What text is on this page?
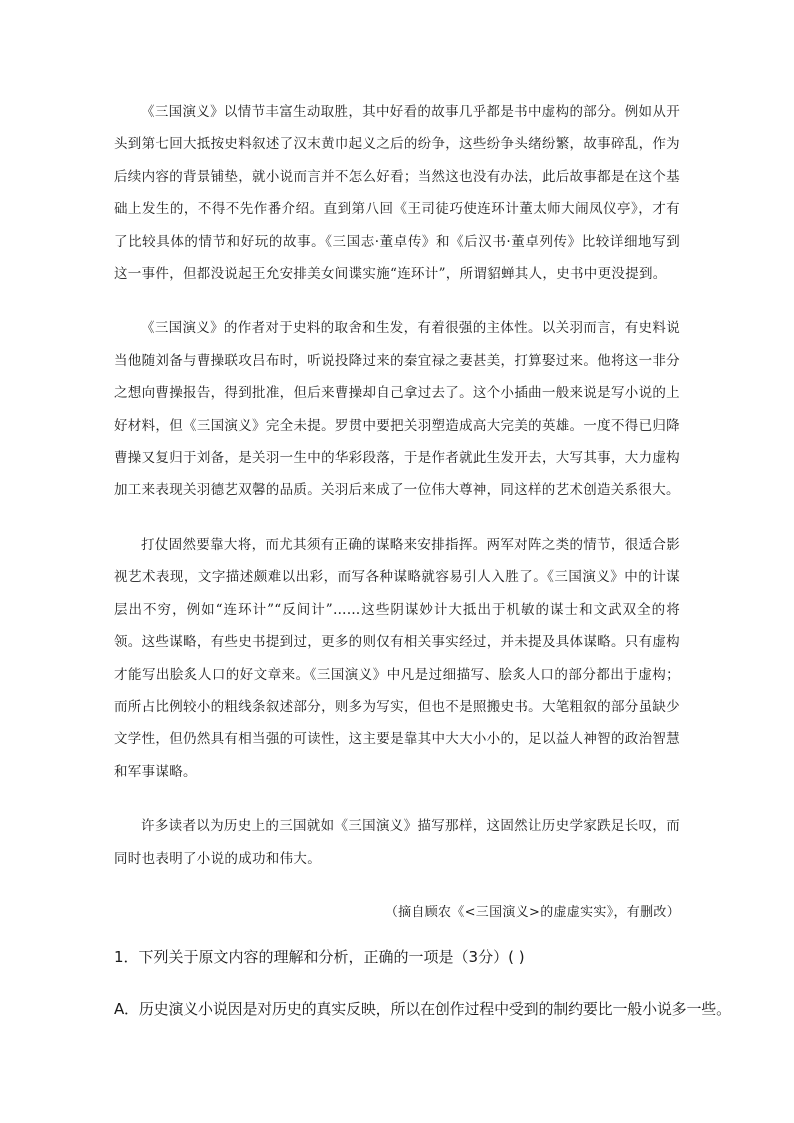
《三国演义》以情节丰富生动取胜，其中好看的故事几乎都是书中虚构的部分。例如从开头到第七回大抵按史料叙述了汉末黄巾起义之后的纷争，这些纷争头绪纷繁，故事碎乱，作为后续内容的背景铺垫，就小说而言并不怎么好看；当然这也没有办法，此后故事都是在这个基础上发生的，不得不先作番介绍。直到第八回《王司徒巧使连环计董太师大闹凤仪亭》，才有了比较具体的情节和好玩的故事。《三国志·董卓传》和《后汉书·董卓列传》比较详细地写到这一事件，但都没说起王允安排美女间谍实施“连环计”，所谓貂蝉其人，史书中更没提到。

《三国演义》的作者对于史料的取舍和生发，有着很强的主体性。以关羽而言，有史料说当他随刘备与曹操联攻吕布时，听说投降过来的秦宜禄之妻甚美，打算娶过来。他将这一非分之想向曹操报告，得到批准，但后来曹操却自己拿过去了。这个小插曲一般来说是写小说的上好材料，但《三国演义》完全未提。罗贯中要把关羽塑造成高大完美的英雄。一度不得已归降曹操又复归于刘备，是关羽一生中的华彩段落，于是作者就此生发开去，大写其事，大力虚构加工来表现关羽德艺双馨的品质。关羽后来成了一位伟大尊神，同这样的艺术创造关系很大。

打仗固然要靠大将，而尤其须有正确的谋略来安排指挥。两军对阵之类的情节，很适合影视艺术表现，文字描述颇难以出彩，而写各种谋略就容易引人入胜了。《三国演义》中的计谋层出不穷，例如“连环计”“反间计”……这些阴谋妙计大抵出于机敏的谋士和文武双全的将领。这些谋略，有些史书提到过，更多的则仅有相关事实经过，并未提及具体谋略。只有虚构才能写出脍炙人口的好文章来。《三国演义》中凡是过细描写、脍炙人口的部分都出于虚构；而所占比例较小的粗线条叙述部分，则多为写实，但也不是照搬史书。大笔粗叙的部分虽缺少文学性，但仍然具有相当强的可读性，这主要是靠其中大大小小的，足以益人神智的政治智慧和军事谋略。

许多读者以为历史上的三国就如《三国演义》描写那样，这固然让历史学家跌足长叹，而同时也表明了小说的成功和伟大。

（摘自顾农《<三国演义>的虚虚实实》，有删改）

1．下列关于原文内容的理解和分析，正确的一项是（3分）( )

A．历史演义小说因是对历史的真实反映，所以在创作过程中受到的制约要比一般小说多一些。
